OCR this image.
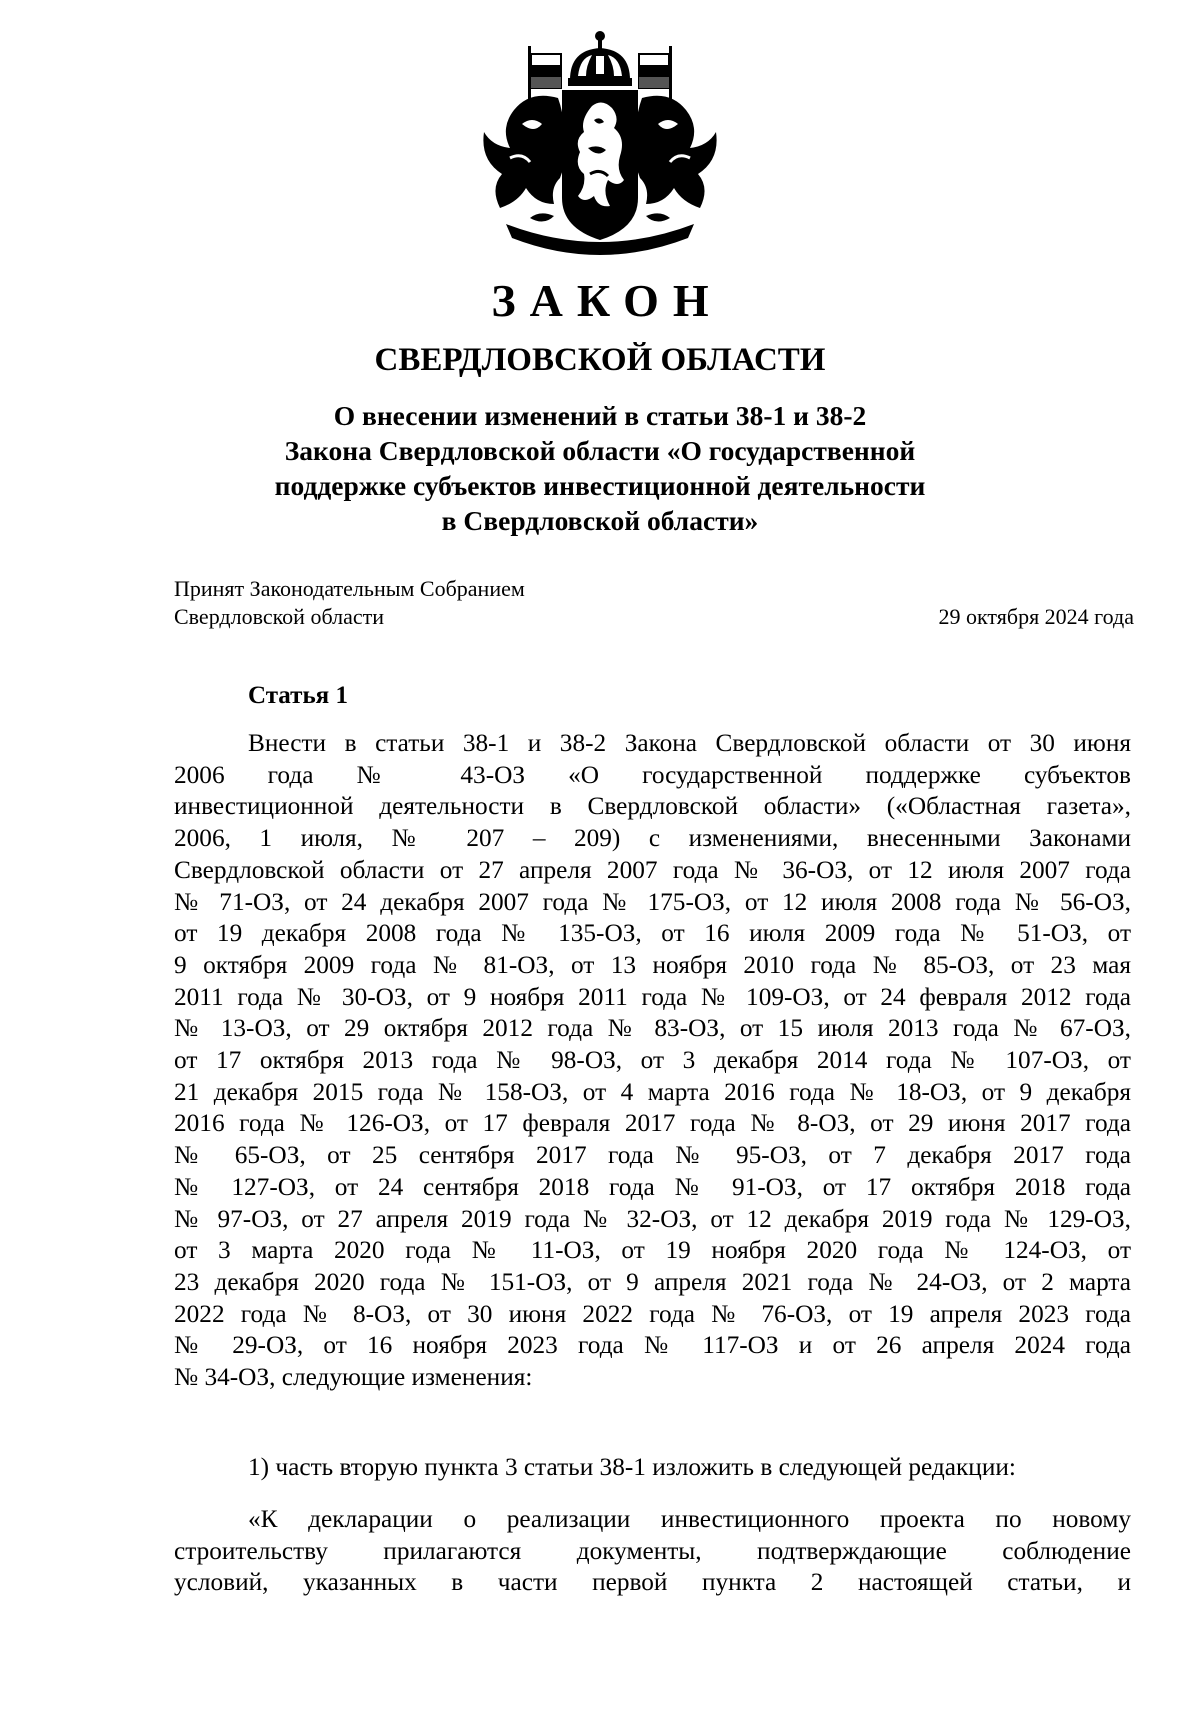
ЗАКОН
СВЕРДЛОВСКОЙ ОБЛАСТИ
О внесении изменений в статьи 38-1 и 38-2
Закона Свердловской области «О государственной
поддержке субъектов инвестиционной деятельности
в Свердловской области»
Принят Законодательным Собранием
Свердловской области	29 октября 2024 года
Статья 1
Внести в статьи 38-1 и 38-2 Закона Свердловской области от 30 июня
2006 года № 43-ОЗ «О государственной поддержке субъектов
инвестиционной деятельности в Свердловской области» («Областная газета»,
2006, 1 июля, № 207 – 209) с изменениями, внесенными Законами
Свердловской области от 27 апреля 2007 года № 36-ОЗ, от 12 июля 2007 года
№ 71-ОЗ, от 24 декабря 2007 года № 175-ОЗ, от 12 июля 2008 года № 56-ОЗ,
от 19 декабря 2008 года № 135-ОЗ, от 16 июля 2009 года № 51-ОЗ, от
9 октября 2009 года № 81-ОЗ, от 13 ноября 2010 года № 85-ОЗ, от 23 мая
2011 года № 30-ОЗ, от 9 ноября 2011 года № 109-ОЗ, от 24 февраля 2012 года
№ 13-ОЗ, от 29 октября 2012 года № 83-ОЗ, от 15 июля 2013 года № 67-ОЗ,
от 17 октября 2013 года № 98-ОЗ, от 3 декабря 2014 года № 107-ОЗ, от
21 декабря 2015 года № 158-ОЗ, от 4 марта 2016 года № 18-ОЗ, от 9 декабря
2016 года № 126-ОЗ, от 17 февраля 2017 года № 8-ОЗ, от 29 июня 2017 года
№ 65-ОЗ, от 25 сентября 2017 года № 95-ОЗ, от 7 декабря 2017 года
№ 127-ОЗ, от 24 сентября 2018 года № 91-ОЗ, от 17 октября 2018 года
№ 97-ОЗ, от 27 апреля 2019 года № 32-ОЗ, от 12 декабря 2019 года № 129-ОЗ,
от 3 марта 2020 года № 11-ОЗ, от 19 ноября 2020 года № 124-ОЗ, от
23 декабря 2020 года № 151-ОЗ, от 9 апреля 2021 года № 24-ОЗ, от 2 марта
2022 года № 8-ОЗ, от 30 июня 2022 года № 76-ОЗ, от 19 апреля 2023 года
№ 29-ОЗ, от 16 ноября 2023 года № 117-ОЗ и от 26 апреля 2024 года
№ 34-ОЗ, следующие изменения:
1) часть вторую пункта 3 статьи 38-1 изложить в следующей редакции:
«К декларации о реализации инвестиционного проекта по новому
строительству прилагаются документы, подтверждающие соблюдение
условий, указанных в части первой пункта 2 настоящей статьи, и
